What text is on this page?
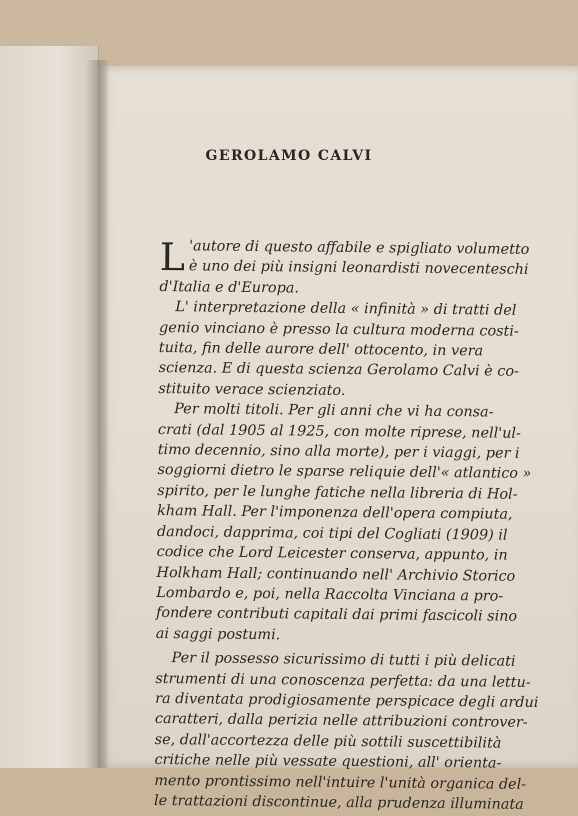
GEROLAMO CALVI

L 'autore di questo affabile e spigliato volumetto
è uno dei più insigni leonardisti novecenteschi
d'Italia e d'Europa.

L' interpretazione della « infinità » di tratti del
genio vinciano è presso la cultura moderna costi-
tuita, fin delle aurore dell' ottocento, in vera
scienza. E di questa scienza Gerolamo Calvi è co-
stituito verace scienziato.

Per molti titoli. Per gli anni che vi ha consa-
crati (dal 1905 al 1925, con molte riprese, nell'ul-
timo decennio, sino alla morte), per i viaggi, per i
soggiorni dietro le sparse reliquie dell'« atlantico »
spirito, per le lunghe fatiche nella libreria di Hol-
kham Hall. Per l'imponenza dell'opera compiuta,
dandoci, dapprima, coi tipi del Cogliati (1909) il
codice che Lord Leicester conserva, appunto, in
Holkham Hall; continuando nell' Archivio Storico
Lombardo e, poi, nella Raccolta Vinciana a pro-
fondere contributi capitali dai primi fascicoli sino
ai saggi postumi.

Per il possesso sicurissimo di tutti i più delicati
strumenti di una conoscenza perfetta: da una lettu-
ra diventata prodigiosamente perspicace degli ardui
caratteri, dalla perizia nelle attribuzioni controver-
se, dall'accortezza delle più sottili suscettibilità
critiche nelle più vessate questioni, all' orienta-
mento prontissimo nell'intuire l'unità organica del-
le trattazioni discontinue, alla prudenza illuminata
